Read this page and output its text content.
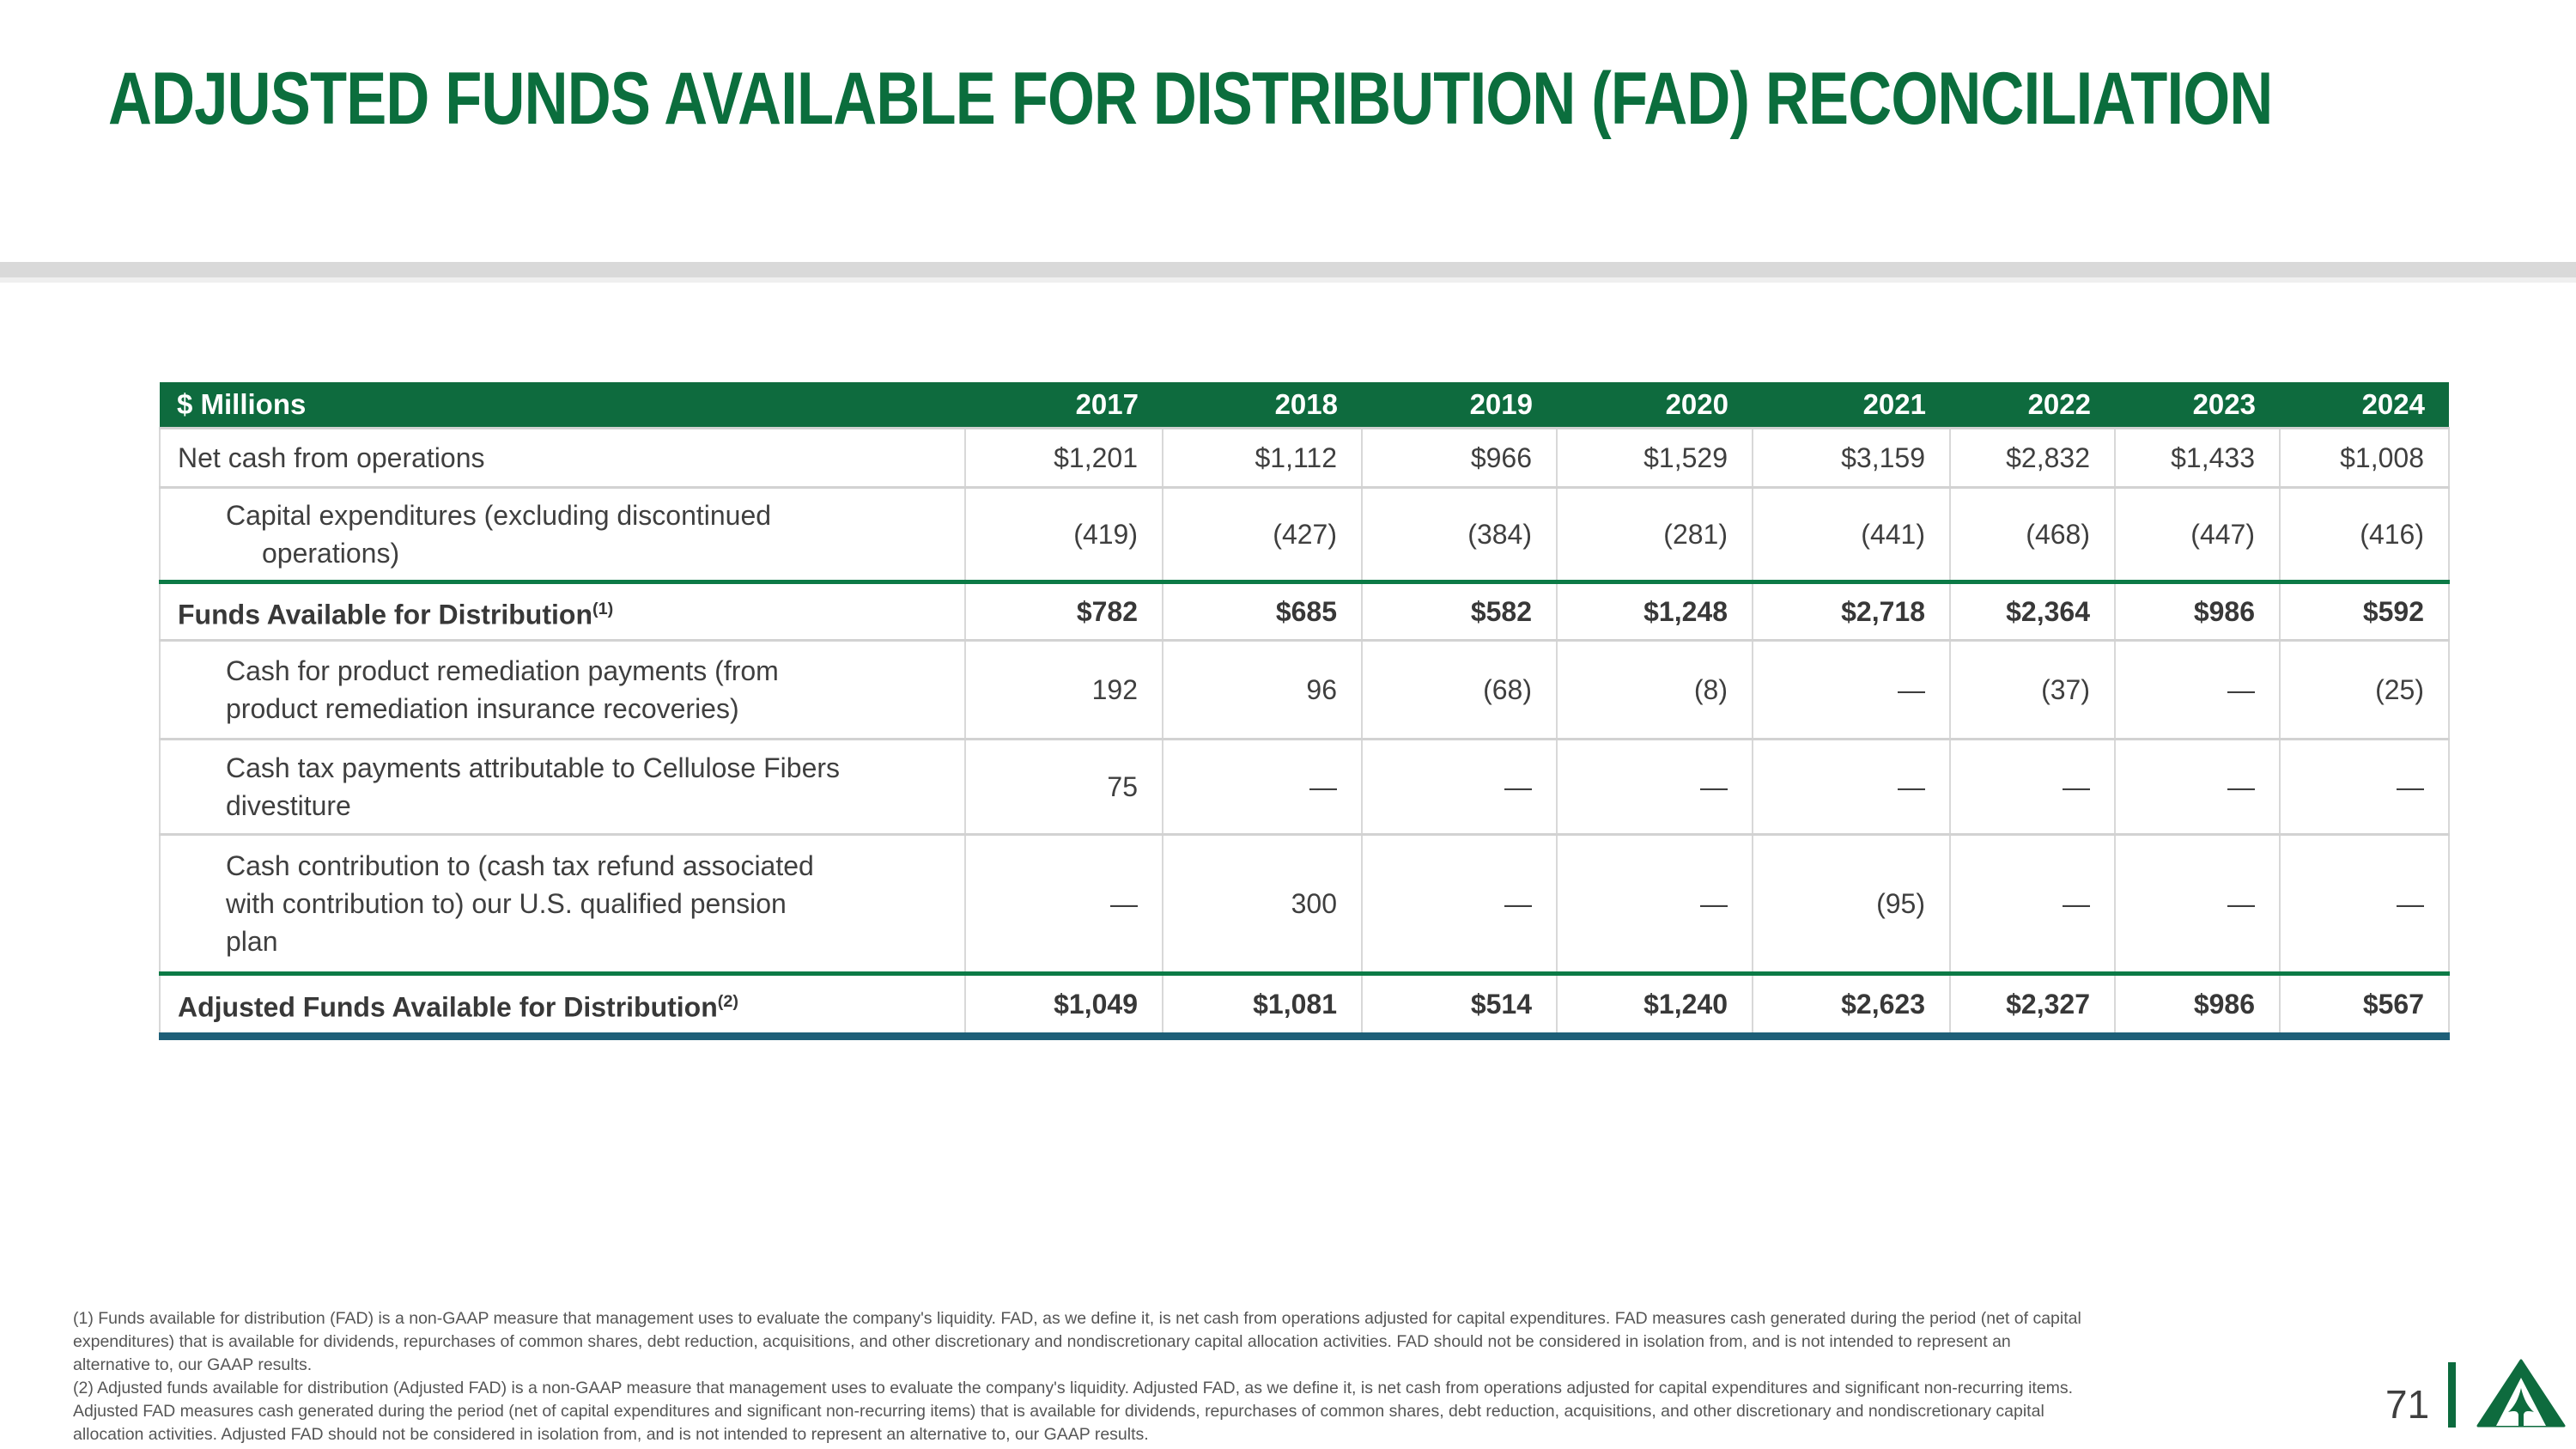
ADJUSTED FUNDS AVAILABLE FOR DISTRIBUTION (FAD) RECONCILIATION
$ Millions	2017	2018	2019	2020	2021	2022	2023	2024

Net cash from operations	$1,201	$1,112	$966	$1,529	$3,159	$2,832	$1,433	$1,008

Capital expenditures (excluding discontinued
operations)	(419)	(427)	(384)	(281)	(441)	(468)	(447)	(416)

Funds Available for Distribution$^{(1)}$	$782	$685	$582	$1,248	$2,718	$2,364	$986	$592

Cash for product remediation payments (from
product remediation insurance recoveries)	192	96	(68)	(8)	—	(37)	—	(25)

Cash tax payments attributable to Cellulose Fibers
divestiture	75	—	—	—	—	—	—	—

Cash contribution to (cash tax refund associated
with contribution to) our U.S. qualified pension
plan	—	300	—	—	(95)	—	—	—

Adjusted Funds Available for Distribution$^{(2)}$	$1,049	$1,081	$514	$1,240	$2,623	$2,327	$986	$567
(1) Funds available for distribution (FAD) is a non-GAAP measure that management uses to evaluate the company's liquidity. FAD, as we define it, is net cash from operations adjusted for capital expenditures. FAD measures cash generated during the period (net of capital
expenditures) that is available for dividends, repurchases of common shares, debt reduction, acquisitions, and other discretionary and nondiscretionary capital allocation activities. FAD should not be considered in isolation from, and is not intended to represent an
alternative to, our GAAP results.
(2) Adjusted funds available for distribution (Adjusted FAD) is a non-GAAP measure that management uses to evaluate the company's liquidity. Adjusted FAD, as we define it, is net cash from operations adjusted for capital expenditures and significant non-recurring items.
Adjusted FAD measures cash generated during the period (net of capital expenditures and significant non-recurring items) that is available for dividends, repurchases of common shares, debt reduction, acquisitions, and other discretionary and nondiscretionary capital
allocation activities. Adjusted FAD should not be considered in isolation from, and is not intended to represent an alternative to, our GAAP results.
71
